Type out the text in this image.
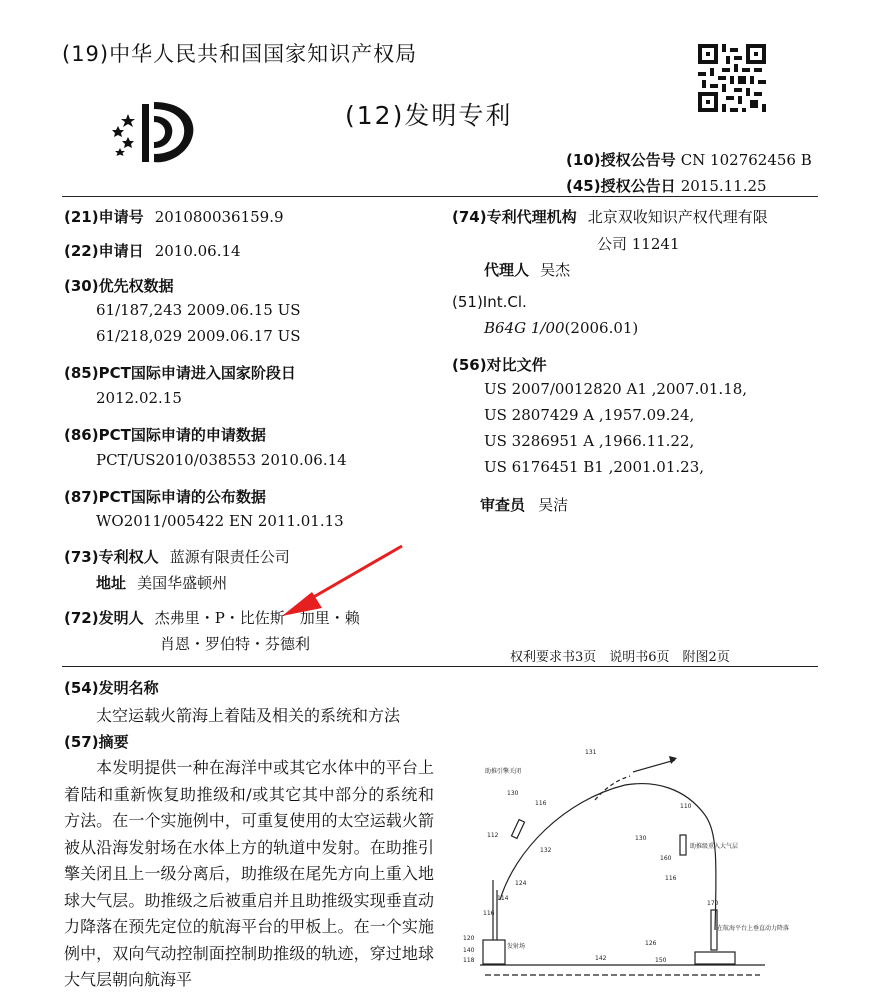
(19)中华人民共和国国家知识产权局
(12)发明专利
(10)授权公告号 CN 102762456 B
(45)授权公告日 2015.11.25
(21)申请号 201080036159.9
(22)申请日 2010.06.14
(30)优先权数据
61/187,243 2009.06.15 US
61/218,029 2009.06.17 US
(85)PCT国际申请进入国家阶段日
2012.02.15
(86)PCT国际申请的申请数据
PCT/US2010/038553 2010.06.14
(87)PCT国际申请的公布数据
WO2011/005422 EN 2011.01.13
(73)专利权人 蓝源有限责任公司
地址 美国华盛顿州
(72)发明人 杰弗里・P・比佐斯　加里・赖
肖恩・罗伯特・芬德利
(74)专利代理机构 北京双收知识产权代理有限
公司 11241
代理人 吴杰
(51)Int.Cl.
B64G 1/00(2006.01)
(56)对比文件
US 2007/0012820 A1 ,2007.01.18,
US 2807429 A ,1957.09.24,
US 3286951 A ,1966.11.22,
US 6176451 B1 ,2001.01.23,
审查员 吴洁
权利要求书3页　说明书6页　附图2页
(54)发明名称
太空运载火箭海上着陆及相关的系统和方法
(57)摘要
本发明提供一种在海洋中或其它水体中的平台上着陆和重新恢复助推级和/或其它其中部分的系统和方法。在一个实施例中，可重复使用的太空运载火箭被从沿海发射场在水体上方的轨道中发射。在助推引擎关闭且上一级分离后，助推级在尾先方向上重入地球大气层。助推级之后被重启并且助推级实现垂直动力降落在预先定位的航海平台的甲板上。在一个实施例中，双向气动控制面控制助推级的轨迹，穿过地球大气层朝向航海平
131
助推引擎关闭
130
116	110
112
132
114
124
116
120
140
130
助推级重入大气层
160
116
170
发射场
118
126
在航海平台上垂直动力降落
142	150
